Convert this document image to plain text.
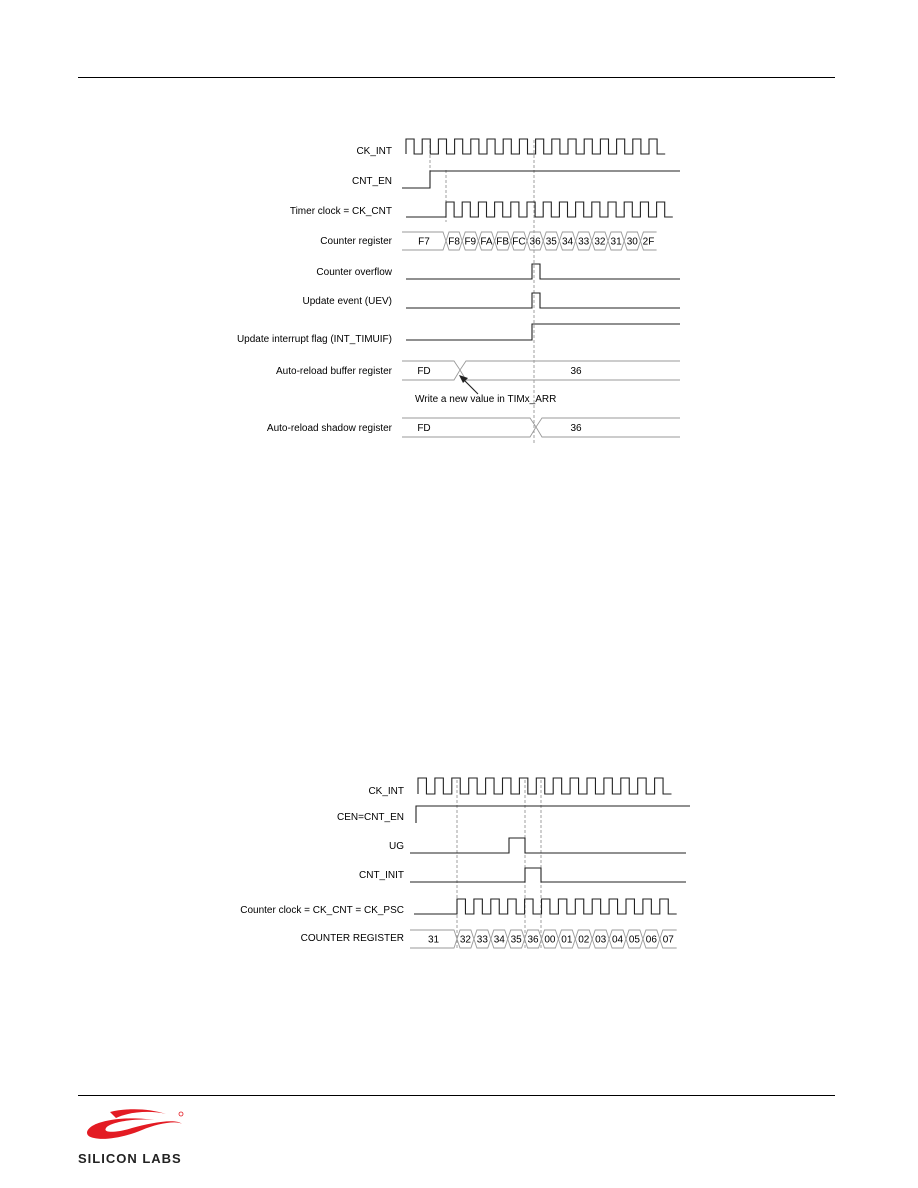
CK_INT
CNT_EN
Timer clock = CK_CNT
Counter register
Counter overflow
Update event (UEV)
Update interrupt flag (INT_TIMUIF)
Auto-reload buffer register
Auto-reload shadow register
F7 F8 F9 FA FB FC 36 35 34 33 32 31 30 2F
FD	36
Write a new value in TIMx_ARR
FD	36
CK_INT
CEN=CNT_EN
UG
CNT_INIT
Counter clock = CK_CNT = CK_PSC
COUNTER REGISTER 31 32 33 34 35 36 00 01 02 03 04 05 06 07
SILICON LABS
